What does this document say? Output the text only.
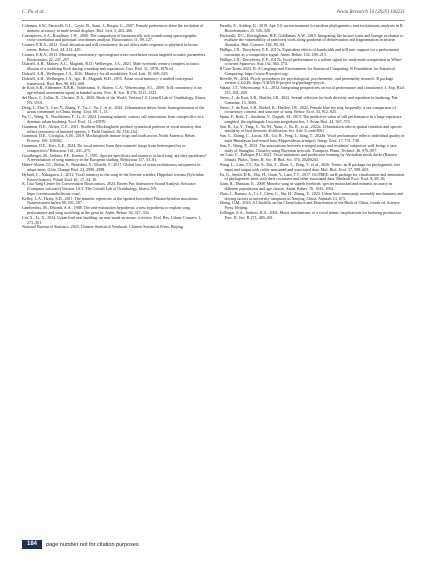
C. Pu et al.	Avian Research 16 (2025) 100231

Coleman, S.W., Patricelli, G.L., Coyle, B., Siani, J., Borgia, G., 2007. Female preferences drive the evolution of mimetic accuracy in male sexual displays. Biol. Lett. 3, 463–466.

Cuevapuces, S.A., Roudbury, J.W., 2000. The comparison of harmonically rich sounds using spectrographic cross-correlation and principal coordinates analysis. Bioacoustics 11, 99–127.

Cramer, E.R.A., 2012. Vocal deviation and trill consistency do not affect male response to playback in house wrens. Behav. Ecol. 24, 412–420.

Cramer, E.R.A., 2013. Measuring consistency: spectrogram cross-correlation versus targeted acoustic parameters. Bioacoustics 22, 247–257.

Dalziell, A.H., Maisey, A.C., Magrath, R.D., Welbergen, J.A., 2021. Male lyrebirds create a complex acoustic illusion of a mobbing flock during courtship and copulation. Curr. Biol. 31, 1970–1976.e4.

Dalziell, A.H., Welbergen, J.A., 2016. Mimicry for all modalities. Ecol. Lett. 19, 609–619.

Dalziell, A.H., Welbergen, J.A., Igic, B., Magrath, R.D., 2015. Avian vocal mimicry: a unified conceptual framework. Biol. Rev. 90, 643–668.

de Kort, S.R., Eldermire, E.R.B., Valderrama, S., Botero, C.A., Vehrencamp, S.L., 2009. Trill consistency is an age-related assessment signal in banded wrens. Proc. R. Soc. B 276, 2315–2321.

del Hoyo, J., Collar, N., Christie, D.A., 2020. Birds of the World. Version 1.0. Cornell Lab of Ornithology, Ithaca, NY, USA.

Deng, J., Zhu, Y., Luo, Y., Zhang, Y., Tu, J., Yu, J., et al., 2024. Urbanization drives biotic homogenization of the avian community in China. Integr. Zool. 00, 1–13.

Fu, C., Wang, X., Bachleitner, F., Li, Z., 2024. Learning mimetic curious call innovations from conspecifics in a dynamic urban birdsong. Ecol. Evol. 14, e10970.

Gammon, D.E., Altizer, C.E., 2011. Northern Mockingbirds produce syntactical patterns of vocal mimicry that reflect taxonomy of imitated species. J. Field Ornithol. 82, 158–164.

Gammon, D.E., Corsiglia, A.M., 2019. Mockingbirds imitate frogs and toads across North America. Behav. Process. 169, 103982.

Gammon, D.E., Kerr, G.E., 2024. Do vocal mimics learn their mimetic songs from heterospecifics or conspecifics? Behaviour 161, 441–475.

Goodberger, M., Jenkins, P.F., Keener, J., 1991. Species-specificity and mimicry in bird song: are they paradoxes? A reevaluation of song mimicry in the European starling. Behaviour 117, 53–81.

Hüber-Alsien, J.C., Bolen, S., Benedetti, Y., Morelli, F., 2017. Global loss of avian evolutionary uniqueness in urban areas. Glob. Change Biol. 23, 2990–2998.

Hyland, C., Nakagawa, J., 2012. Vocal mimicry in the song of the Icterine warbler, Hippolais icterina (Sylviidae, Passeriformes). Polish Zool. 61, 17–24. 16.

K. Lisa Yang Center for Conservation Bioacoustics, 2024. Raven Pro: Interactive Sound Analysis Software. (Computer software) Version 1.6.5. The Cornell Lab of Ornithology, Ithaca, NY. https://ravensoundsoftware.com/.

Kelley, L.A., Healy, S.D., 2011. The mimetic repertoire of the spotted bowerbird Ptilonorhynchus maculatus. Naturwissenschaften 98, 501–507.

Lambrechts, M., Dhondt, A.A., 1988. The anti-exhaustion hypothesis: a new hypothesis to explain song performance and song switching in the great tit. Anim. Behav. 36, 327–334.

Liu, X., Li, X., 2024. Urban bird nest building: an nest-made structure: a review. Ecol. Res. Urban. Conserv. 1, 273–301.

National Bureau of Statistics, 2023. Chinese Statistical Yearbook. Chinese Statistical Press, Beijing.

Paradis, E., Schliep, K., 2019. Ape 5.0: an environment for modern phylogenetics and evolutionary analyses in R. Bioinformatics 35, 526–528.

Pavlovski, D.C., Rovinghams, H.P., Goldbaum, A.W., 2015. Integrating life history traits and lineage evolution to evaluate the vulnerability of rainforest birds along gradients of deforestation and fragmentation in eastern Australia. Biol. Conserv. 182, 85–94.

Phillips, J.N., Derryberry, E.P., 2017a. Equivalent effects of bandwidth and trill rate: support for a performance constraint as a competitive signal. Anim. Behav. 132, 209–215.

Phillips, J.N., Derryberry, E.P., 2017b. Vocal performance is a salient signal for male-male competition in White-crowned Sparrows. Auk 134, 564–574.

R Core Team, 2023. R: A Language and Environment for Statistical Computing. R Foundation for Statistical Computing. https://www.R-project.org/.

Revelle, W., 2024. Psych: procedures for psychological, psychometric, and personality research. R package version 2.4.6.26. https://CRAN.R-project.org/package=psych.

Sakata, J.T., Vehrencamp, S.L., 2012. Integrating perspectives on vocal performance and consistency. J. Exp. Biol. 215, 201–209.

Sierro, J., de Kort, S.R., Hartley, I.R., 2022. Sexual selection for both diversity and repetition in birdsong. Nat. Commun. 14, 3600.

Sierro, J., de Kort, S.R., Riebel, K., Hartley, I.R., 2022. Female blue tits sing frequently: a sex comparison of occurrence, context, and structure of song. Behav. Ecol. 33, 912–925.

Spina, F., Roth, T., Amrhein, V., Naguib, M., 2013. The predictive value of trill performance in a large repertoire songbird, the nightingale Luscinia megarhynchos. J. Avian Biol. 44, 567–574.

Sun, B., Lu, Y., Yang, Y., Yu, M., Yuan, J., Yu, R., et al., 2022a. Urbanization affects spatial variation and species similarity of bird diversity distribution. Sci. Adv. 8, eade3061.

Sun, C., Zhang, C., Lucas, J.R., Gu, H., Feng, J., Jiang, T., 2022b. Vocal performance reflects individual quality in male Himalayan leaf-nosed bats (Hipposideros armiger). Integr. Zool. 17, 731–740.

Sun, Y., Wang, P., 2023. The associations between a-tonged songs and residents' subjective well-being: a case study of Shanghai, China by using Bayesian network. Transport. Plann. Technol. 46, 976–997.

ten Cate, C., Fullagar, P.J., 2021. Vocal imitations and production learning by Australian musk ducks (Biziura lobata). Philos. Trans. R. Soc. B Biol. Sci. 376, 20200243.

Wang, L., Lam, T.T., Xu, S., Dai, Z., Zhou, L., Feng, T., et al., 2020. Treeio: an R package for phylogenetic tree input and output with richly annotated and associated data. Mol. Biol. Evol. 37, 599–603.

Yu, G., Smith, D.K., Zhu, H., Guan, Y., Lam, T.T., 2017. GGTREE: an R package for visualization and annotation of phylogenetic trees with their covariates and other associated data. Methods Ecol. Evol. 8, 28–36.

Zann, R., Dunstan, E., 2008. Mimetic song in superb lyrebirds: species mimicked and mimetic accuracy in different populations and age classes. Anim. Behav. 76, 1043–1054.

Zhao, J., Bonsee, A., Li, J., Chen, C., Shi, H., Zhang, Y., 2023. Urban bird community assembly mechanisms and driving factors in university campuses in Nanjing, China. Animals 13, 673.

Zhang, G.M., 2023. A Checklist on the Classification and Distribution of the Birds of China, fourth ed. Science Press, Beijing.

Zollinger, S.A., Suthers, R.A., 2004. Motor mechanisms of a vocal mimic: implications for birdsong production. Proc. R. Soc. B 271, 483–491.

184	page number not for citation purposes
